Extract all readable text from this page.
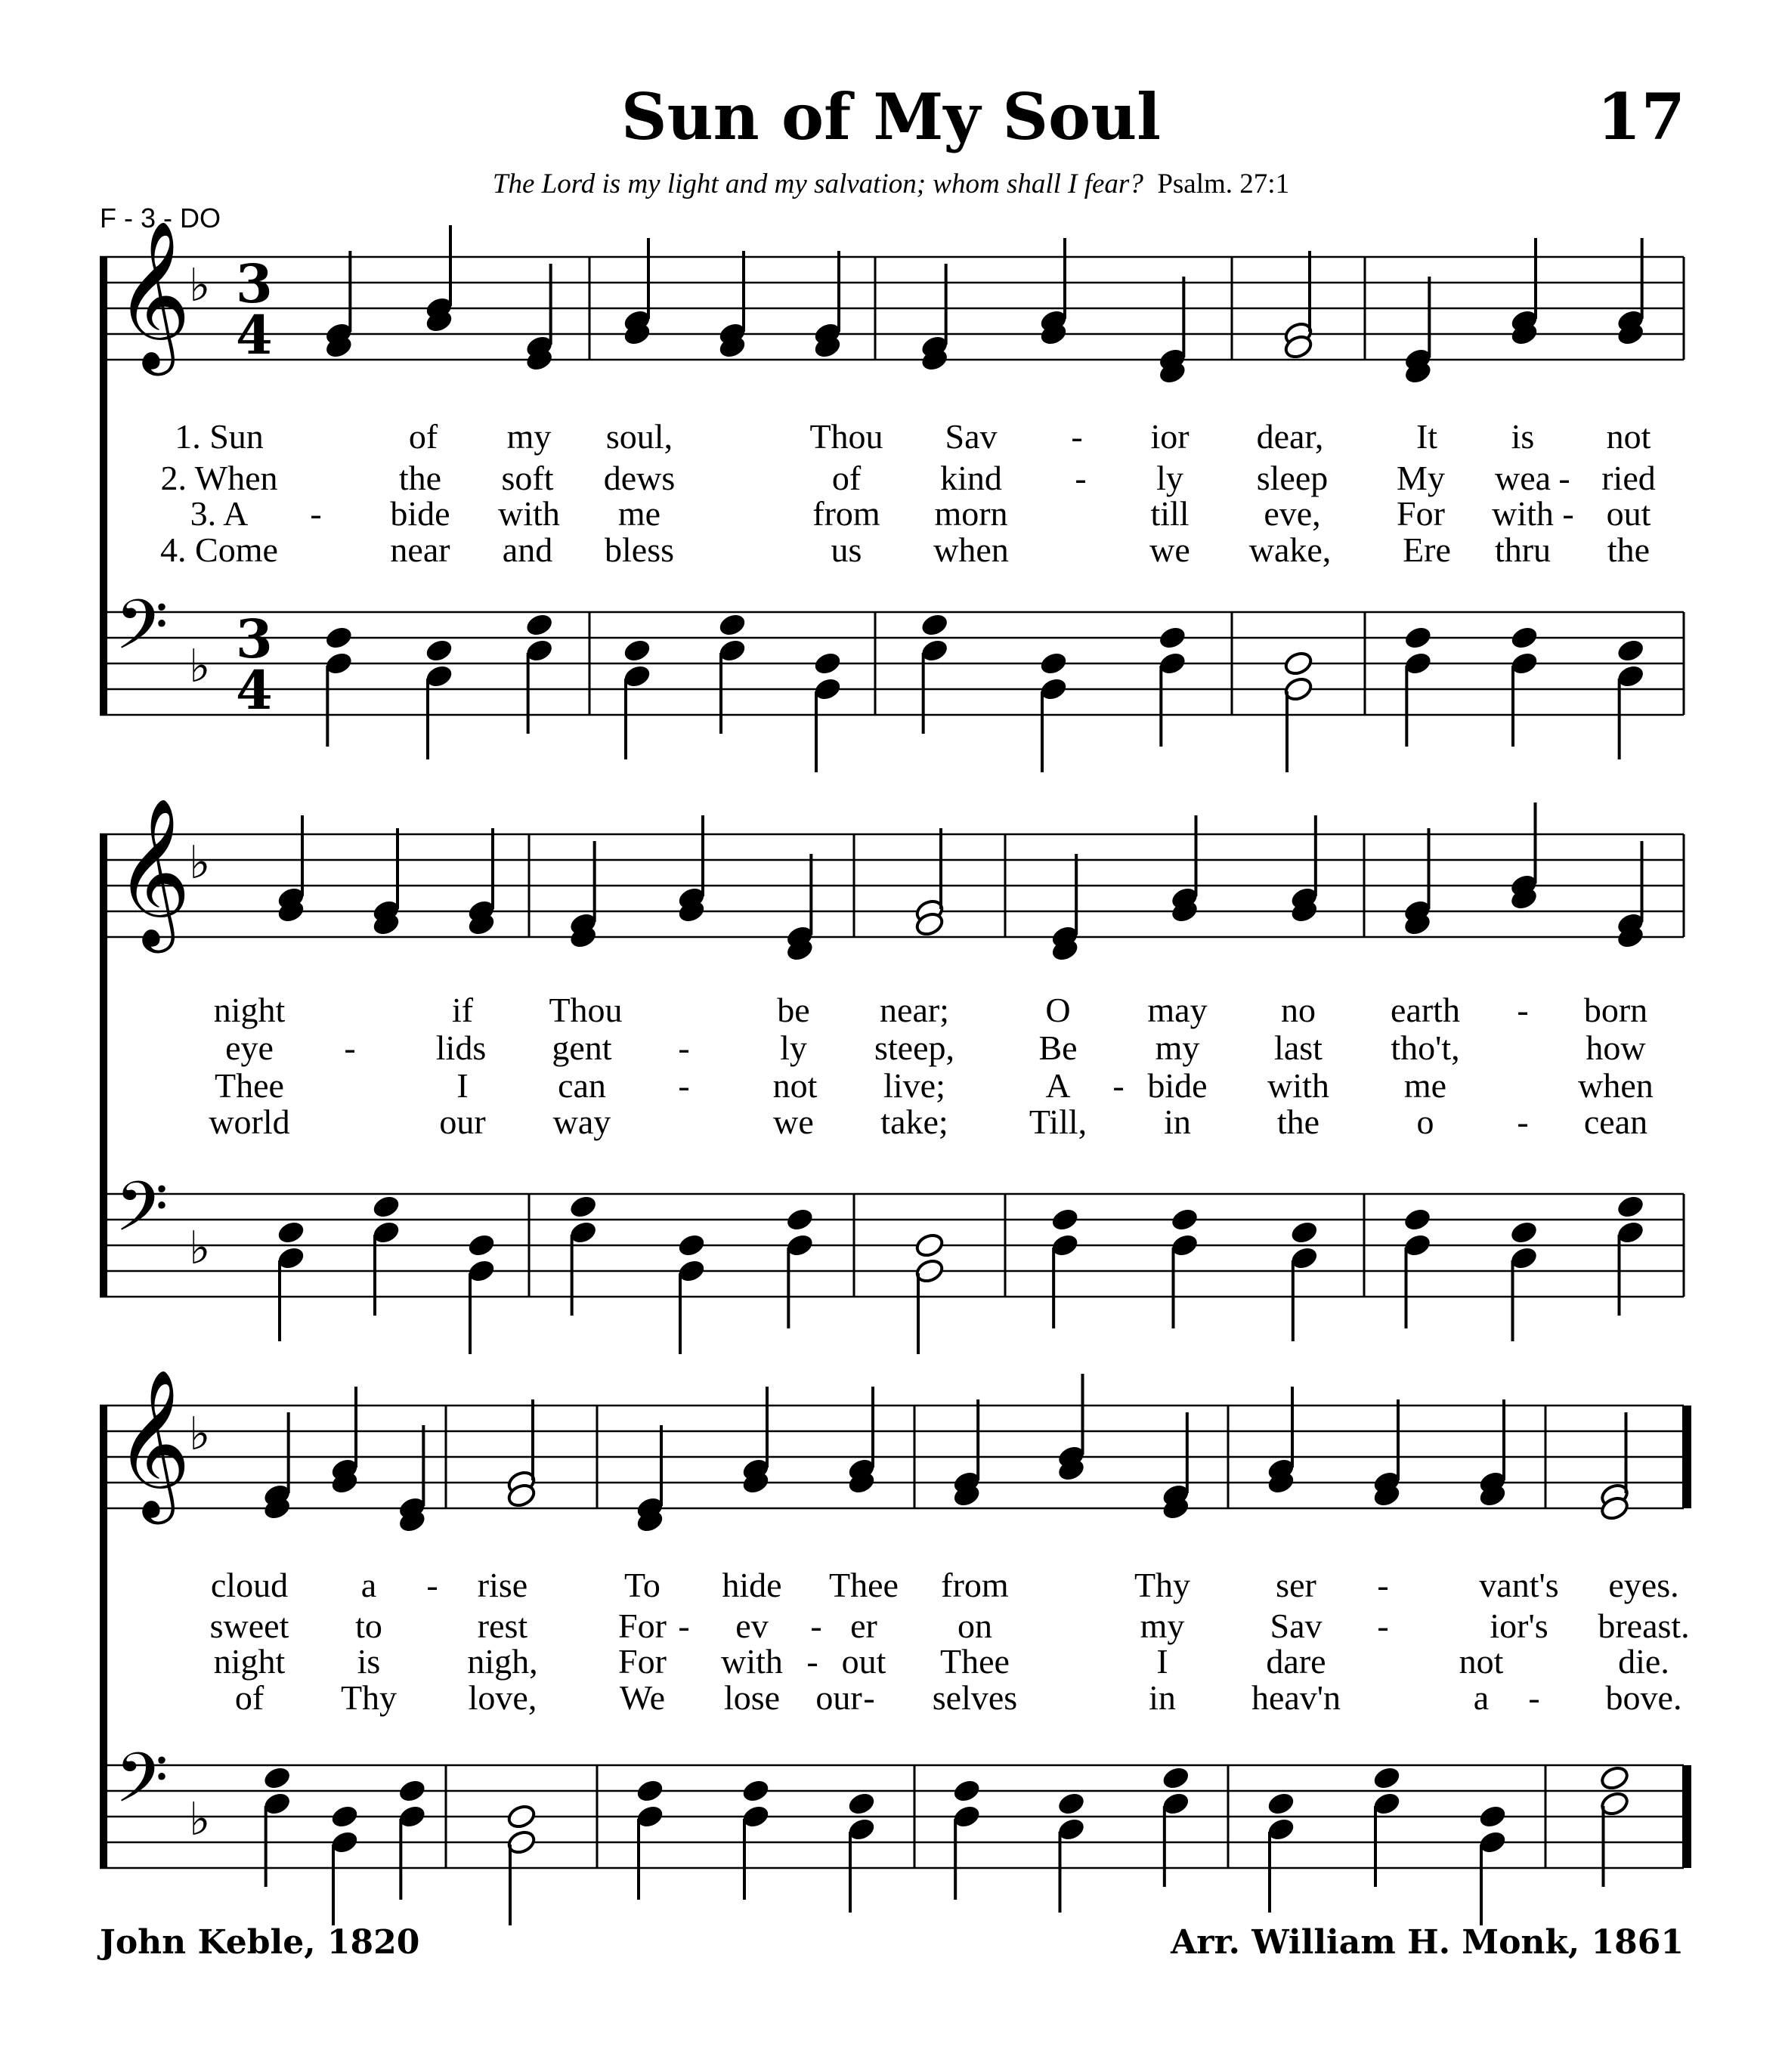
Sun of My Soul	17
The Lord is my light and my salvation; whom shall I fear? Psalm. 27:1
F - 3 - DO
𝄞
♭ 3
4
𝄢 ♭ 3
4
1. Sun	of my soul,	Thou Sav - ior dear,	It is not
2. When	the soft dews	of kind - ly sleep My wea - ried
3. A - bide with me	from morn	till eve, For with - out
4. Come	near and bless	us when	we wake, Ere thru the
𝄞
♭
𝄢 ♭
night	if Thou	be near;	O may no earth - born
eye - lids gent -	ly steep, Be my last tho't,	how
Thee	I	can - not live;	A - bide with me	when
world	our way	we take; Till, in the	o - cean
𝄞
♭
𝄢 ♭
cloud a - rise	To hide Thee from	Thy ser -	vant's eyes.
sweet to	rest	For - ev - er on	my Sav -	ior's breast.
night is	nigh, For with - out Thee	I	dare	not	die.
of Thy love, We lose our - selves	in heav'n	a - bove.
John Keble, 1820	Arr. William H. Monk, 1861
